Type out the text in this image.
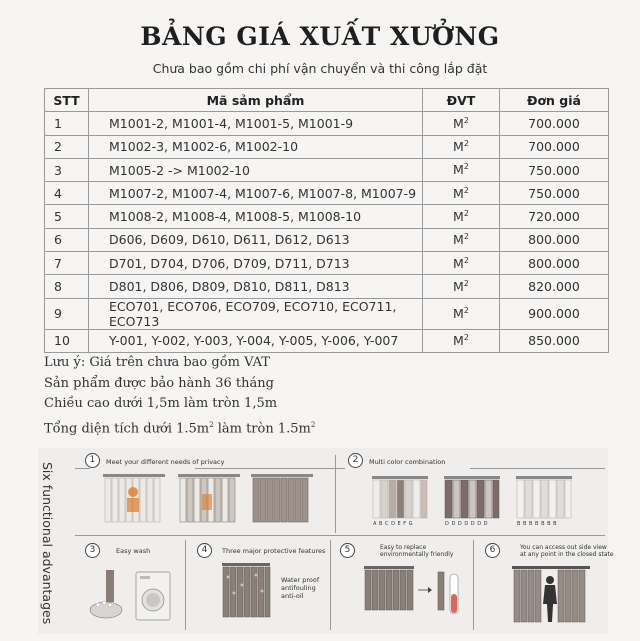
BẢNG GIÁ XUẤT XƯỞNG
Chưa bao gồm chi phí vận chuyển và thi công lắp đặt
STT	Mã sảm phẩm	ĐVT	Đơn giá
1	M1001-2, M1001-4, M1001-5, M1001-9	$M^2$	700.000
2	M1002-3, M1002-6, M1002-10	$M^2$	700.000
3	M1005-2 -> M1002-10	$M^2$	750.000
4	M1007-2, M1007-4, M1007-6, M1007-8, M1007-9	$M^2$	750.000
5	M1008-2, M1008-4, M1008-5, M1008-10	$M^2$	720.000
6	D606, D609, D610, D611, D612, D613	$M^2$	800.000
7	D701, D704, D706, D709, D711, D713	$M^2$	800.000
8	D801, D806, D809, D810, D811, D813	$M^2$	820.000
9	ECO701, ECO706, ECO709, ECO710, ECO711, ECO713	$M^2$	900.000
10	Y-001, Y-002, Y-003, Y-004, Y-005, Y-006, Y-007	$M^2$	850.000
Lưu ý: Giá trên chưa bao gồm VAT
Sản phẩm được bảo hành 36 tháng
Chiều cao dưới 1,5m làm tròn 1,5m
Tổng diện tích dưới $1.5m^2$ làm tròn $1.5m^2$
Six functional advantages
1	Meet your different needs of privacy	2	Multi color combination
A B C D E F G	D D D D D D D	B B B B B B B
3	Easy wash	4	Three major protective features
Water proof
antifouling
anti-oil
5	Easy to replace
environmentally friendly	6	You can access out side view
at any point in the closed state
